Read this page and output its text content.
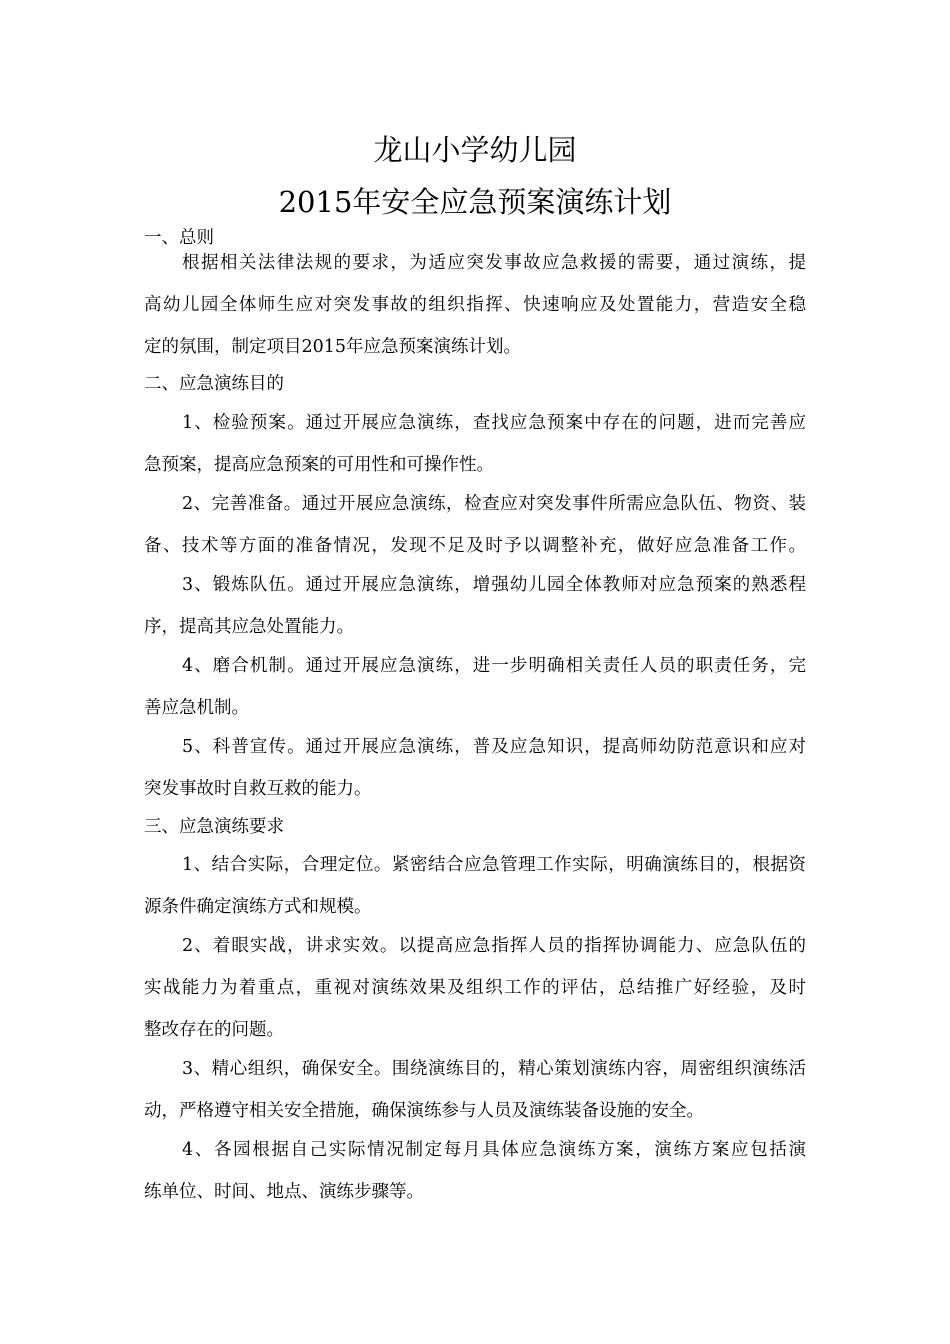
龙山小学幼儿园
2015年安全应急预案演练计划
一、总则
根据相关法律法规的要求，为适应突发事故应急救援的需要，通过演练，提
高幼儿园全体师生应对突发事故的组织指挥、快速响应及处置能力，营造安全稳
定的氛围，制定项目2015年应急预案演练计划。
二、应急演练目的
1、检验预案。通过开展应急演练，查找应急预案中存在的问题，进而完善应
急预案，提高应急预案的可用性和可操作性。
2、完善准备。通过开展应急演练，检查应对突发事件所需应急队伍、物资、装
备、技术等方面的准备情况，发现不足及时予以调整补充，做好应急准备工作。
3、锻炼队伍。通过开展应急演练，增强幼儿园全体教师对应急预案的熟悉程
序，提高其应急处置能力。
4、磨合机制。通过开展应急演练，进一步明确相关责任人员的职责任务，完
善应急机制。
5、科普宣传。通过开展应急演练，普及应急知识，提高师幼防范意识和应对
突发事故时自救互救的能力。
三、应急演练要求
1、结合实际，合理定位。紧密结合应急管理工作实际，明确演练目的，根据资
源条件确定演练方式和规模。
2、着眼实战，讲求实效。以提高应急指挥人员的指挥协调能力、应急队伍的
实战能力为着重点，重视对演练效果及组织工作的评估，总结推广好经验，及时
整改存在的问题。
3、精心组织，确保安全。围绕演练目的，精心策划演练内容，周密组织演练活
动，严格遵守相关安全措施，确保演练参与人员及演练装备设施的安全。
4、各园根据自己实际情况制定每月具体应急演练方案，演练方案应包括演
练单位、时间、地点、演练步骤等。
